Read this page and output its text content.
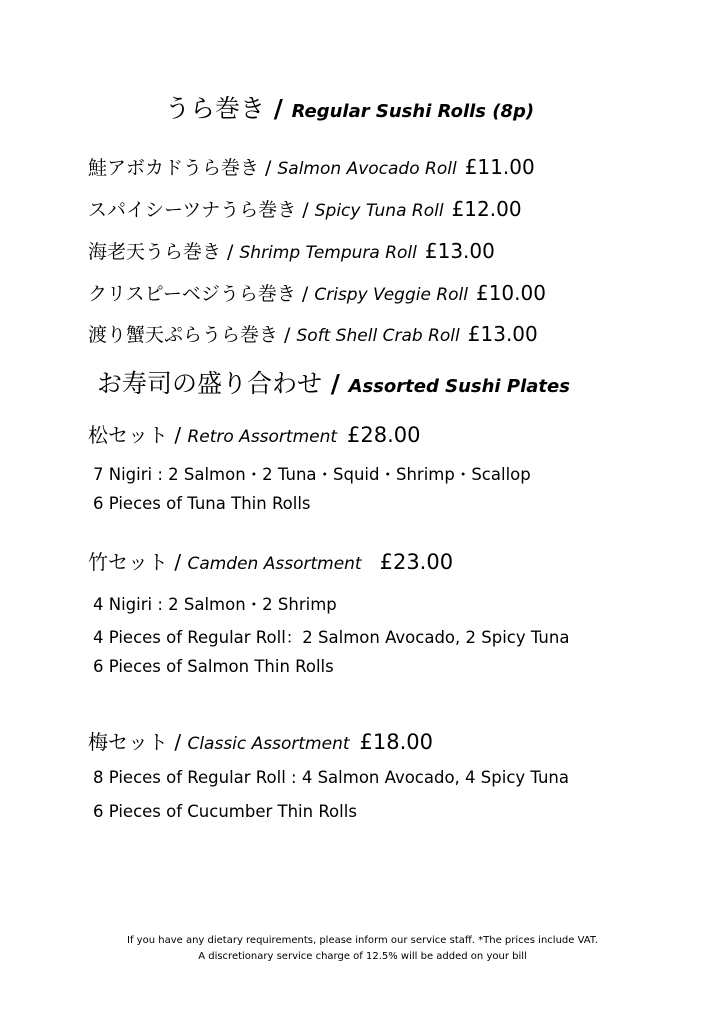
うら巻き / Regular Sushi Rolls (8p)
鮭アボカドうら巻き / Salmon Avocado Roll £11.00
スパイシーツナうら巻き / Spicy Tuna Roll £12.00
海老天うら巻き / Shrimp Tempura Roll £13.00
クリスピーベジうら巻き / Crispy Veggie Roll £10.00
渡り蟹天ぷらうら巻き / Soft Shell Crab Roll £13.00
お寿司の盛り合わせ / Assorted Sushi Plates
松セット / Retro Assortment £28.00
7 Nigiri : 2 Salmon・2 Tuna・Squid・Shrimp・Scallop
6 Pieces of Tuna Thin Rolls
竹セット / Camden Assortment £23.00
4 Nigiri : 2 Salmon・2 Shrimp
4 Pieces of Regular Roll：2 Salmon Avocado, 2 Spicy Tuna
6 Pieces of Salmon Thin Rolls
梅セット / Classic Assortment £18.00
8 Pieces of Regular Roll : 4 Salmon Avocado, 4 Spicy Tuna
6 Pieces of Cucumber Thin Rolls
If you have any dietary requirements, please inform our service staff. *The prices include VAT.
A discretionary service charge of 12.5% will be added on your bill
